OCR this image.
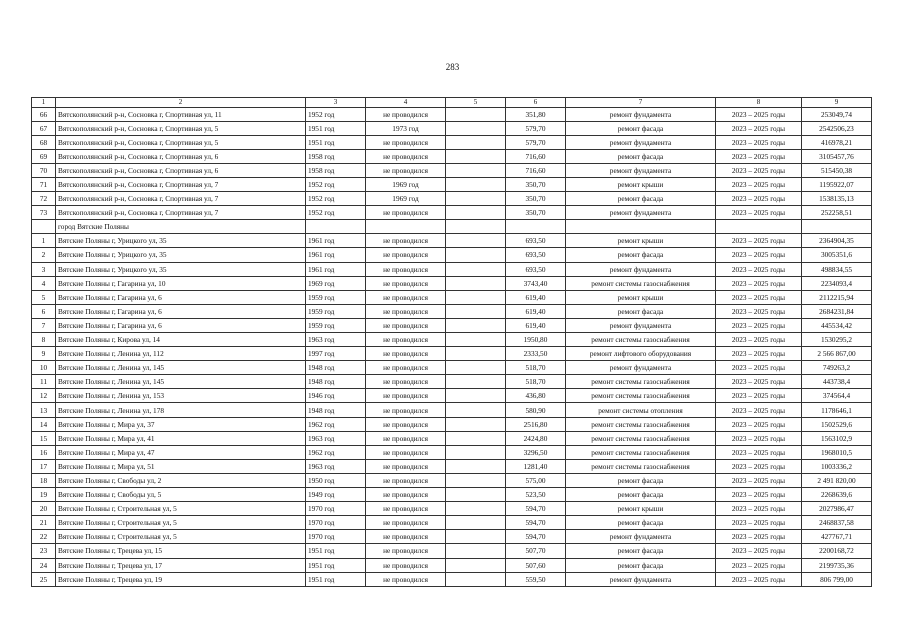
283
1	2	3	4	5	6	7	8	9
66	Вятскополянский р-н, Сосновка г, Спортивная ул, 11	1952 год	не проводился		351,80	ремонт фундамента	2023 – 2025 годы	253049,74
67	Вятскополянский р-н, Сосновка г, Спортивная ул, 5	1951 год	1973 год		579,70	ремонт фасада	2023 – 2025 годы	2542506,23
68	Вятскополянский р-н, Сосновка г, Спортивная ул, 5	1951 год	не проводился		579,70	ремонт фундамента	2023 – 2025 годы	416978,21
69	Вятскополянский р-н, Сосновка г, Спортивная ул, 6	1958 год	не проводился		716,60	ремонт фасада	2023 – 2025 годы	3105457,76
70	Вятскополянский р-н, Сосновка г, Спортивная ул, 6	1958 год	не проводился		716,60	ремонт фундамента	2023 – 2025 годы	515450,38
71	Вятскополянский р-н, Сосновка г, Спортивная ул, 7	1952 год	1969 год		350,70	ремонт крыши	2023 – 2025 годы	1195922,07
72	Вятскополянский р-н, Сосновка г, Спортивная ул, 7	1952 год	1969 год		350,70	ремонт фасада	2023 – 2025 годы	1538135,13
73	Вятскополянский р-н, Сосновка г, Спортивная ул, 7	1952 год	не проводился		350,70	ремонт фундамента	2023 – 2025 годы	252258,51
	город Вятские Поляны							
1	Вятские Поляны г, Урицкого ул, 35	1961 год	не проводился		693,50	ремонт крыши	2023 – 2025 годы	2364904,35
2	Вятские Поляны г, Урицкого ул, 35	1961 год	не проводился		693,50	ремонт фасада	2023 – 2025 годы	3005351,6
3	Вятские Поляны г, Урицкого ул, 35	1961 год	не проводился		693,50	ремонт фундамента	2023 – 2025 годы	498834,55
4	Вятские Поляны г, Гагарина ул, 10	1969 год	не проводился		3743,40	ремонт системы газоснабжения	2023 – 2025 годы	2234093,4
5	Вятские Поляны г, Гагарина ул, 6	1959 год	не проводился		619,40	ремонт крыши	2023 – 2025 годы	2112215,94
6	Вятские Поляны г, Гагарина ул, 6	1959 год	не проводился		619,40	ремонт фасада	2023 – 2025 годы	2684231,84
7	Вятские Поляны г, Гагарина ул, 6	1959 год	не проводился		619,40	ремонт фундамента	2023 – 2025 годы	445534,42
8	Вятские Поляны г, Кирова ул, 14	1963 год	не проводился		1950,80	ремонт системы газоснабжения	2023 – 2025 годы	1530295,2
9	Вятские Поляны г, Ленина ул, 112	1997 год	не проводился		2333,50	ремонт лифтового оборудования	2023 – 2025 годы	2 566 867,00
10	Вятские Поляны г, Ленина ул, 145	1948 год	не проводился		518,70	ремонт фундамента	2023 – 2025 годы	749263,2
11	Вятские Поляны г, Ленина ул, 145	1948 год	не проводился		518,70	ремонт системы газоснабжения	2023 – 2025 годы	443738,4
12	Вятские Поляны г, Ленина ул, 153	1946 год	не проводился		436,80	ремонт системы газоснабжения	2023 – 2025 годы	374564,4
13	Вятские Поляны г, Ленина ул, 178	1948 год	не проводился		580,90	ремонт системы отопления	2023 – 2025 годы	1178646,1
14	Вятские Поляны г, Мира ул, 37	1962 год	не проводился		2516,80	ремонт системы газоснабжения	2023 – 2025 годы	1502529,6
15	Вятские Поляны г, Мира ул, 41	1963 год	не проводился		2424,80	ремонт системы газоснабжения	2023 – 2025 годы	1563102,9
16	Вятские Поляны г, Мира ул, 47	1962 год	не проводился		3296,50	ремонт системы газоснабжения	2023 – 2025 годы	1968010,5
17	Вятские Поляны г, Мира ул, 51	1963 год	не проводился		1281,40	ремонт системы газоснабжения	2023 – 2025 годы	1003336,2
18	Вятские Поляны г, Свободы ул, 2	1950 год	не проводился		575,00	ремонт фасада	2023 – 2025 годы	2 491 820,00
19	Вятские Поляны г, Свободы ул, 5	1949 год	не проводился		523,50	ремонт фасада	2023 – 2025 годы	2268639,6
20	Вятские Поляны г, Строительная ул, 5	1970 год	не проводился		594,70	ремонт крыши	2023 – 2025 годы	2027986,47
21	Вятские Поляны г, Строительная ул, 5	1970 год	не проводился		594,70	ремонт фасада	2023 – 2025 годы	2468837,58
22	Вятские Поляны г, Строительная ул, 5	1970 год	не проводился		594,70	ремонт фундамента	2023 – 2025 годы	427767,71
23	Вятские Поляны г, Трецева ул, 15	1951 год	не проводился		507,70	ремонт фасада	2023 – 2025 годы	2200168,72
24	Вятские Поляны г, Трецева ул, 17	1951 год	не проводился		507,60	ремонт фасада	2023 – 2025 годы	2199735,36
25	Вятские Поляны г, Трецева ул, 19	1951 год	не проводился		559,50	ремонт фундамента	2023 – 2025 годы	806 799,00
